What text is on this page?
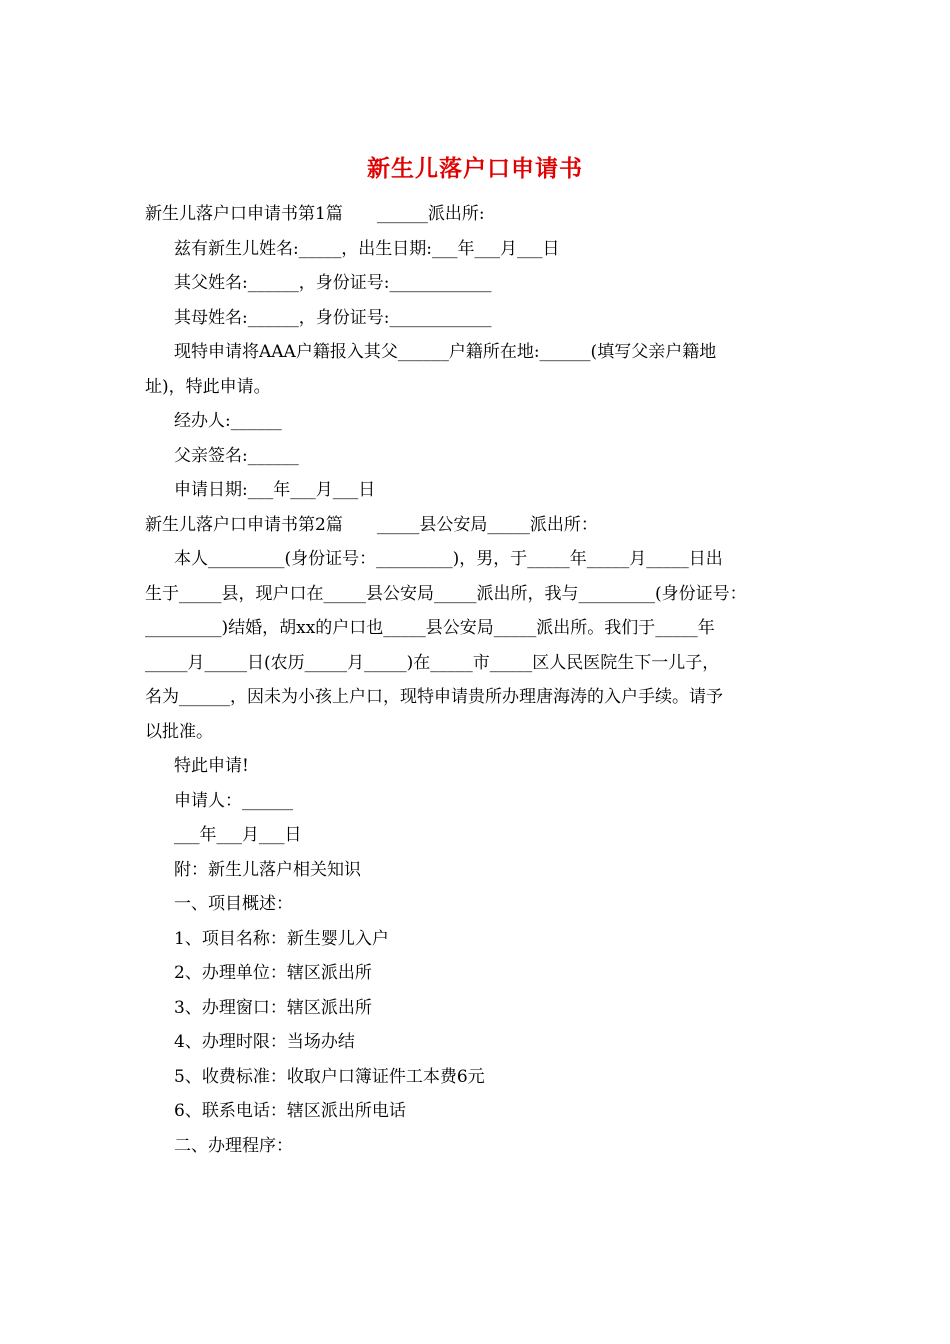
新生儿落户口申请书
新生儿落户口申请书第1篇　　______派出所:
兹有新生儿姓名:_____，出生日期:___年___月___日
其父姓名:______，身份证号:____________
其母姓名:______，身份证号:____________
现特申请将AAA户籍报入其父______户籍所在地:______(填写父亲户籍地
址)，特此申请。
经办人:______
父亲签名:______
申请日期:___年___月___日
新生儿落户口申请书第2篇　　_____县公安局_____派出所：
本人_________(身份证号：_________)，男，于_____年_____月_____日出
生于_____县，现户口在_____县公安局_____派出所，我与_________(身份证号：
_________)结婚，胡xx的户口也_____县公安局_____派出所。我们于_____年
_____月_____日(农历_____月_____)在_____市_____区人民医院生下一儿子，
名为______，因未为小孩上户口，现特申请贵所办理唐海涛的入户手续。请予
以批准。
特此申请!
申请人：______
___年___月___日
附：新生儿落户相关知识
一、项目概述：
1、项目名称：新生婴儿入户
2、办理单位：辖区派出所
3、办理窗口：辖区派出所
4、办理时限：当场办结
5、收费标准：收取户口簿证件工本费6元
6、联系电话：辖区派出所电话
二、办理程序：
